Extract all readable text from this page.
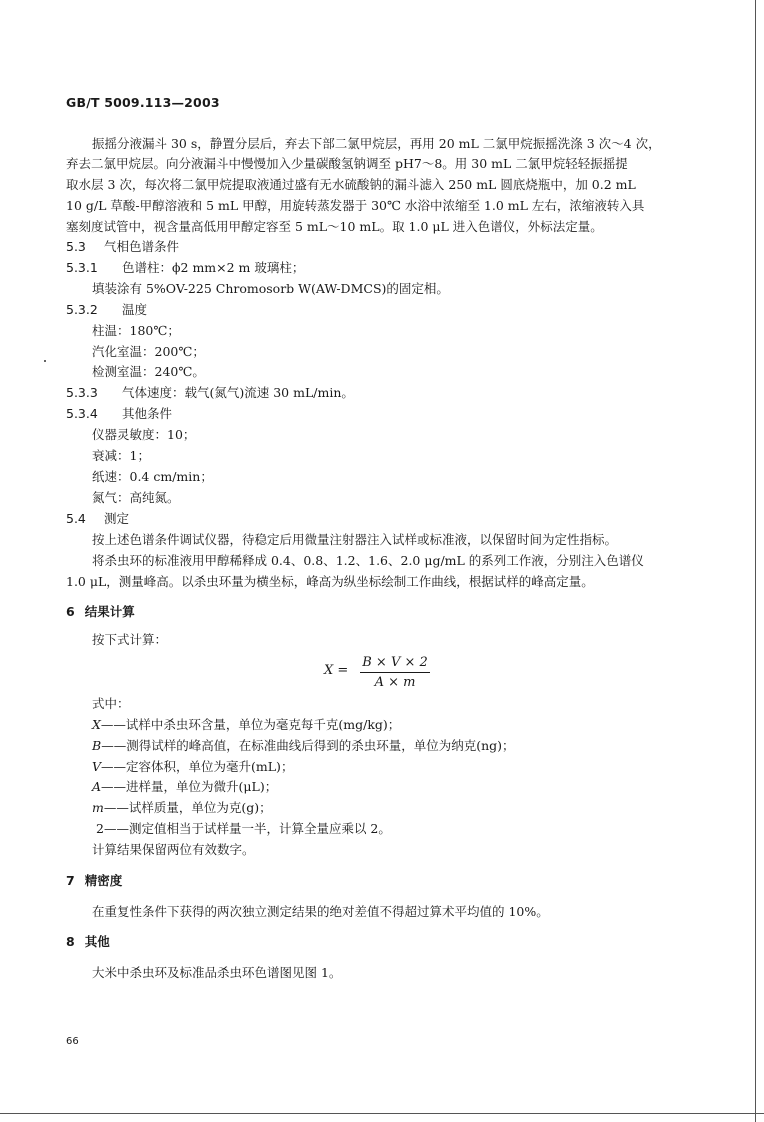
GB/T 5009.113—2003
振摇分液漏斗 30 s，静置分层后，弃去下部二氯甲烷层，再用 20 mL 二氯甲烷振摇洗涤 3 次～4 次，
弃去二氯甲烷层。向分液漏斗中慢慢加入少量碳酸氢钠调至 pH7～8。用 30 mL 二氯甲烷轻轻振摇提
取水层 3 次，每次将二氯甲烷提取液通过盛有无水硫酸钠的漏斗滤入 250 mL 圆底烧瓶中，加 0.2 mL
10 g/L 草酸-甲醇溶液和 5 mL 甲醇，用旋转蒸发器于 30℃ 水浴中浓缩至 1.0 mL 左右，浓缩液转入具
塞刻度试管中，视含量高低用甲醇定容至 5 mL～10 mL。取 1.0 μL 进入色谱仪，外标法定量。
5.3 气相色谱条件
5.3.1 色谱柱：ϕ2 mm×2 m 玻璃柱；
填装涂有 5%OV-225 Chromosorb W(AW-DMCS)的固定相。
5.3.2 温度
柱温：180℃；
汽化室温：200℃；
检测室温：240℃。
5.3.3 气体速度：载气(氮气)流速 30 mL/min。
5.3.4 其他条件
仪器灵敏度：10；
衰减：1；
纸速：0.4 cm/min；
氮气：高纯氮。
5.4 测定
按上述色谱条件调试仪器，待稳定后用微量注射器注入试样或标准液，以保留时间为定性指标。
将杀虫环的标准液用甲醇稀释成 0.4、0.8、1.2、1.6、2.0 μg/mL 的系列工作液，分别注入色谱仪
1.0 μL，测量峰高。以杀虫环量为横坐标，峰高为纵坐标绘制工作曲线，根据试样的峰高定量。
6 结果计算
按下式计算：
X =
B × V × 2
A × m
式中：
X——试样中杀虫环含量，单位为毫克每千克(mg/kg)；
B——测得试样的峰高值，在标准曲线后得到的杀虫环量，单位为纳克(ng)；
V——定容体积，单位为毫升(mL)；
A——进样量，单位为微升(μL)；
m——试样质量，单位为克(g)；
2——测定值相当于试样量一半，计算全量应乘以 2。
计算结果保留两位有效数字。
7 精密度
在重复性条件下获得的两次独立测定结果的绝对差值不得超过算术平均值的 10%。
8 其他
大米中杀虫环及标准品杀虫环色谱图见图 1。
66
